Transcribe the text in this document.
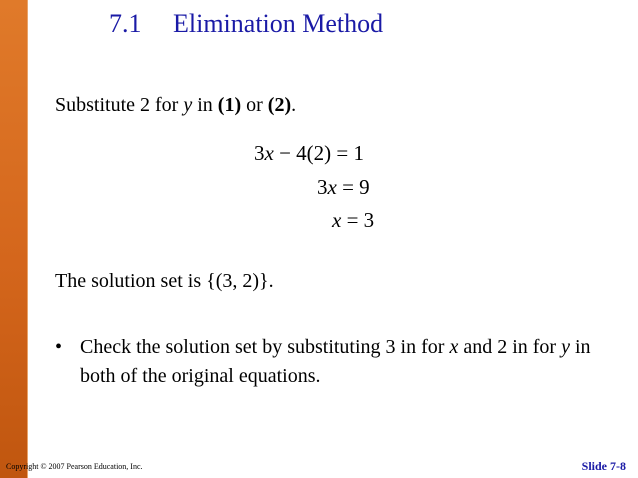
7.1 Elimination Method
Substitute 2 for y in (1) or (2).
3x − 4(2) = 1
3x = 9
x = 3
The solution set is {(3, 2)}.
• Check the solution set by substituting 3 in for x and 2 in for y in both of the original equations.
Copyright © 2007 Pearson Education, Inc.	Slide 7-8
